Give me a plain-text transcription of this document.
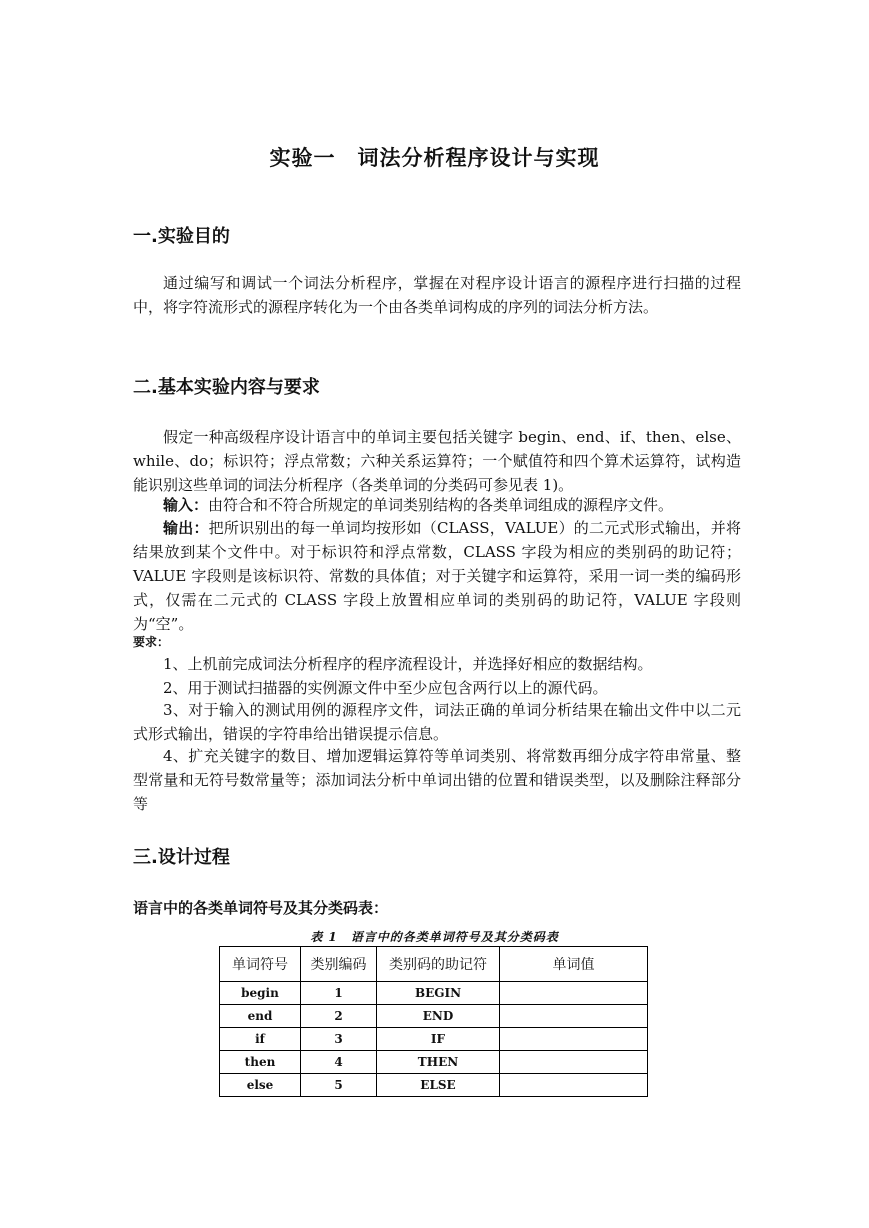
实验一　词法分析程序设计与实现
一.实验目的
通过编写和调试一个词法分析程序，掌握在对程序设计语言的源程序进行扫描的过程中，将字符流形式的源程序转化为一个由各类单词构成的序列的词法分析方法。
二.基本实验内容与要求
假定一种高级程序设计语言中的单词主要包括关键字 begin、end、if、then、else、while、do；标识符；浮点常数；六种关系运算符；一个赋值符和四个算术运算符，试构造能识别这些单词的词法分析程序（各类单词的分类码可参见表 1)。
输入：由符合和不符合所规定的单词类别结构的各类单词组成的源程序文件。
输出：把所识别出的每一单词均按形如（CLASS，VALUE）的二元式形式输出，并将结果放到某个文件中。对于标识符和浮点常数，CLASS 字段为相应的类别码的助记符；VALUE 字段则是该标识符、常数的具体值；对于关键字和运算符，采用一词一类的编码形式，仅需在二元式的 CLASS 字段上放置相应单词的类别码的助记符，VALUE 字段则为“空”。
要求：
1、上机前完成词法分析程序的程序流程设计，并选择好相应的数据结构。
2、用于测试扫描器的实例源文件中至少应包含两行以上的源代码。
3、对于输入的测试用例的源程序文件，词法正确的单词分析结果在输出文件中以二元式形式输出，错误的字符串给出错误提示信息。
4、扩充关键字的数目、增加逻辑运算符等单词类别、将常数再细分成字符串常量、整型常量和无符号数常量等；添加词法分析中单词出错的位置和错误类型，以及删除注释部分等
三.设计过程
语言中的各类单词符号及其分类码表：
表 1　语言中的各类单词符号及其分类码表
单词符号	类别编码	类别码的助记符	单词值
begin	1	BEGIN	
end	2	END	
if	3	IF	
then	4	THEN	
else	5	ELSE	
